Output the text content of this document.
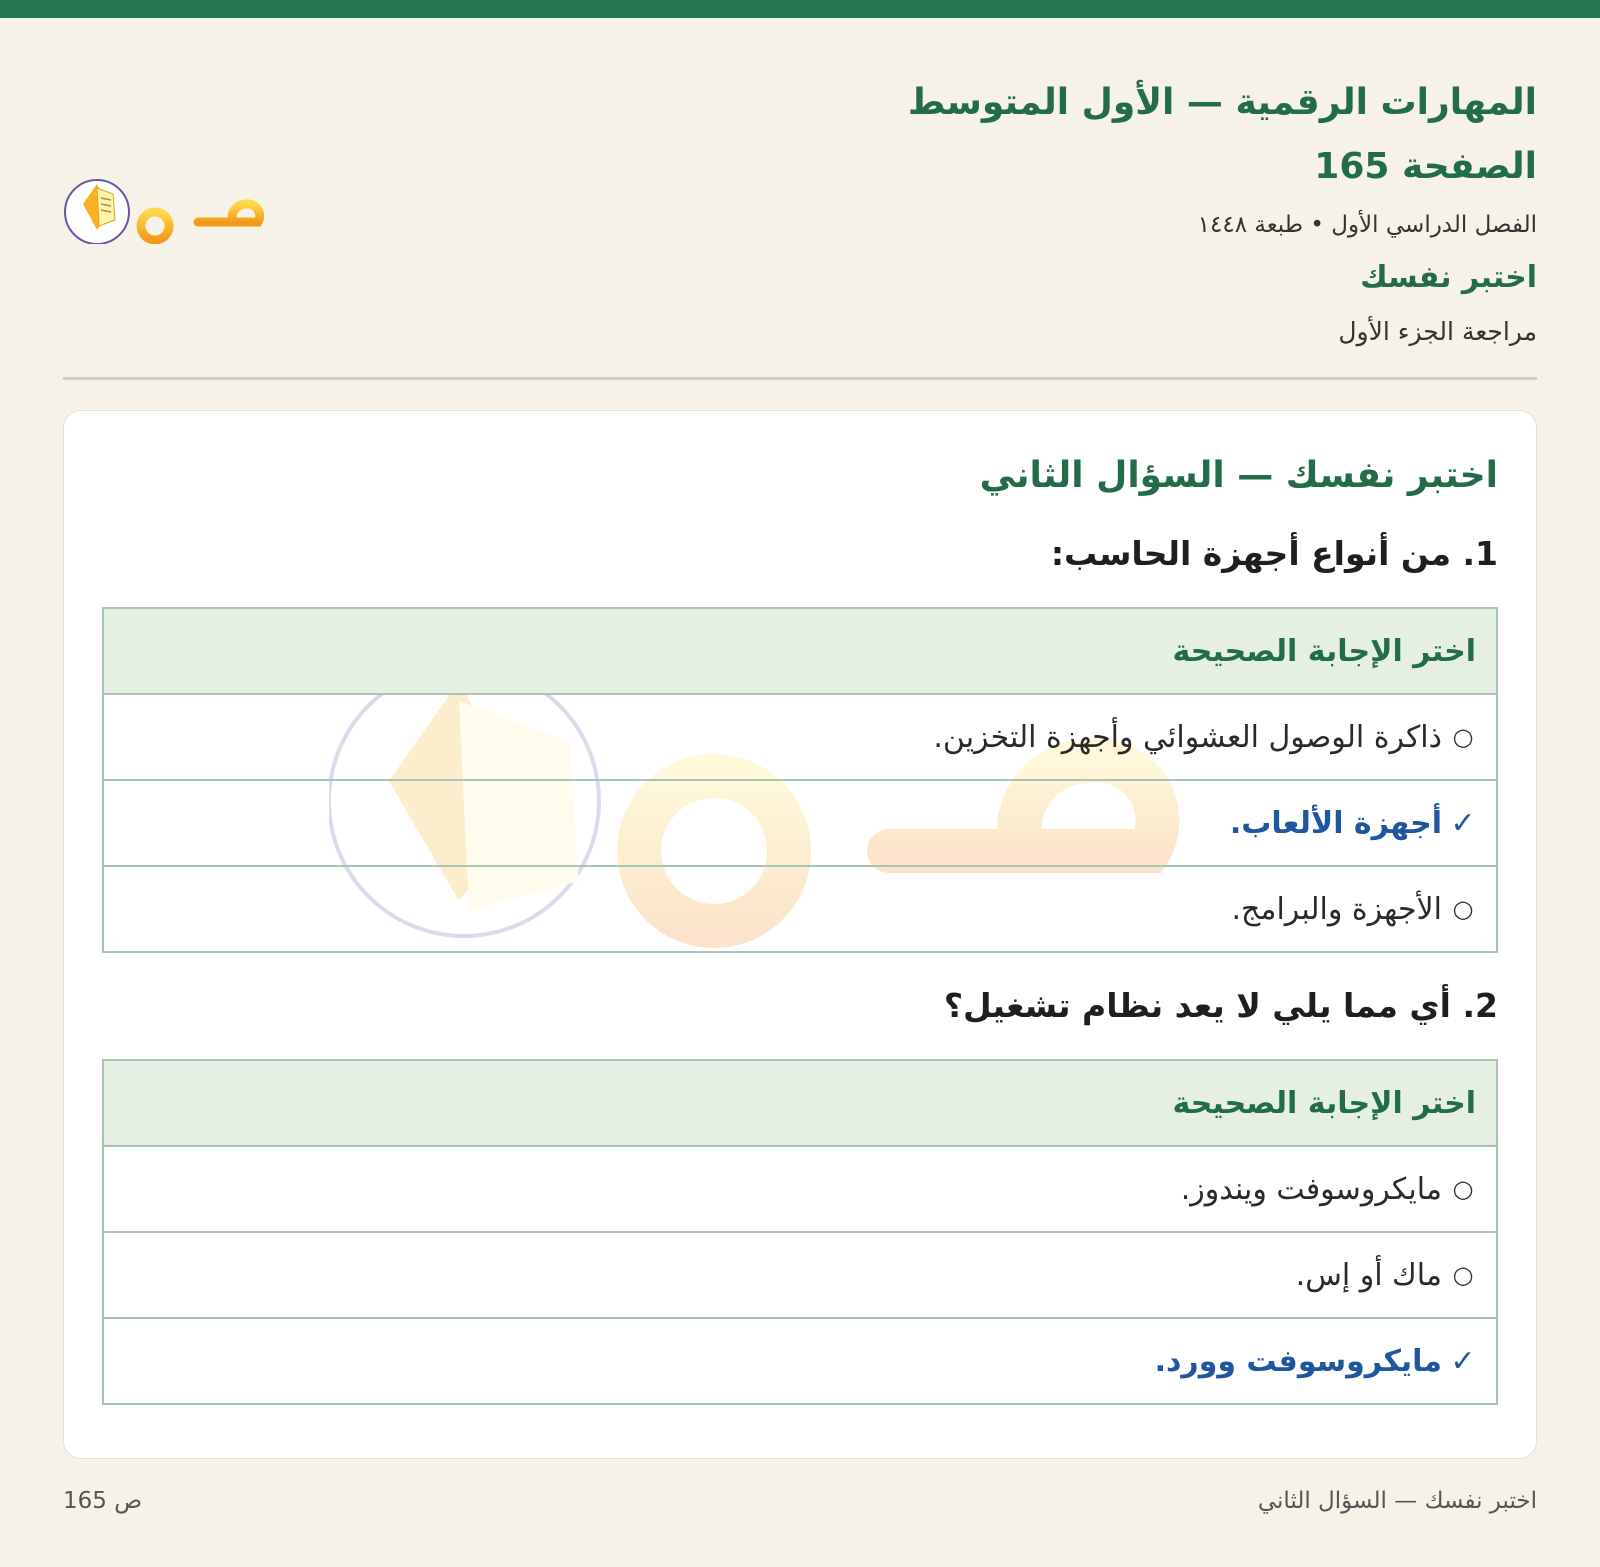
المهارات الرقمية — الأول المتوسط
الصفحة 165
الفصل الدراسي الأول • طبعة ١٤٤٨
اختبر نفسك
مراجعة الجزء الأول
اختبر نفسك — السؤال الثاني
1. من أنواع أجهزة الحاسب:
اختر الإجابة الصحيحة
○
ذاكرة الوصول العشوائي وأجهزة التخزين.
✓
أجهزة الألعاب.
○
الأجهزة والبرامج.
2. أي مما يلي لا يعد نظام تشغيل؟
اختر الإجابة الصحيحة
○
مايكروسوفت ويندوز.
○
ماك أو إس.
✓
مايكروسوفت وورد.
اختبر نفسك — السؤال الثاني
ص 165
